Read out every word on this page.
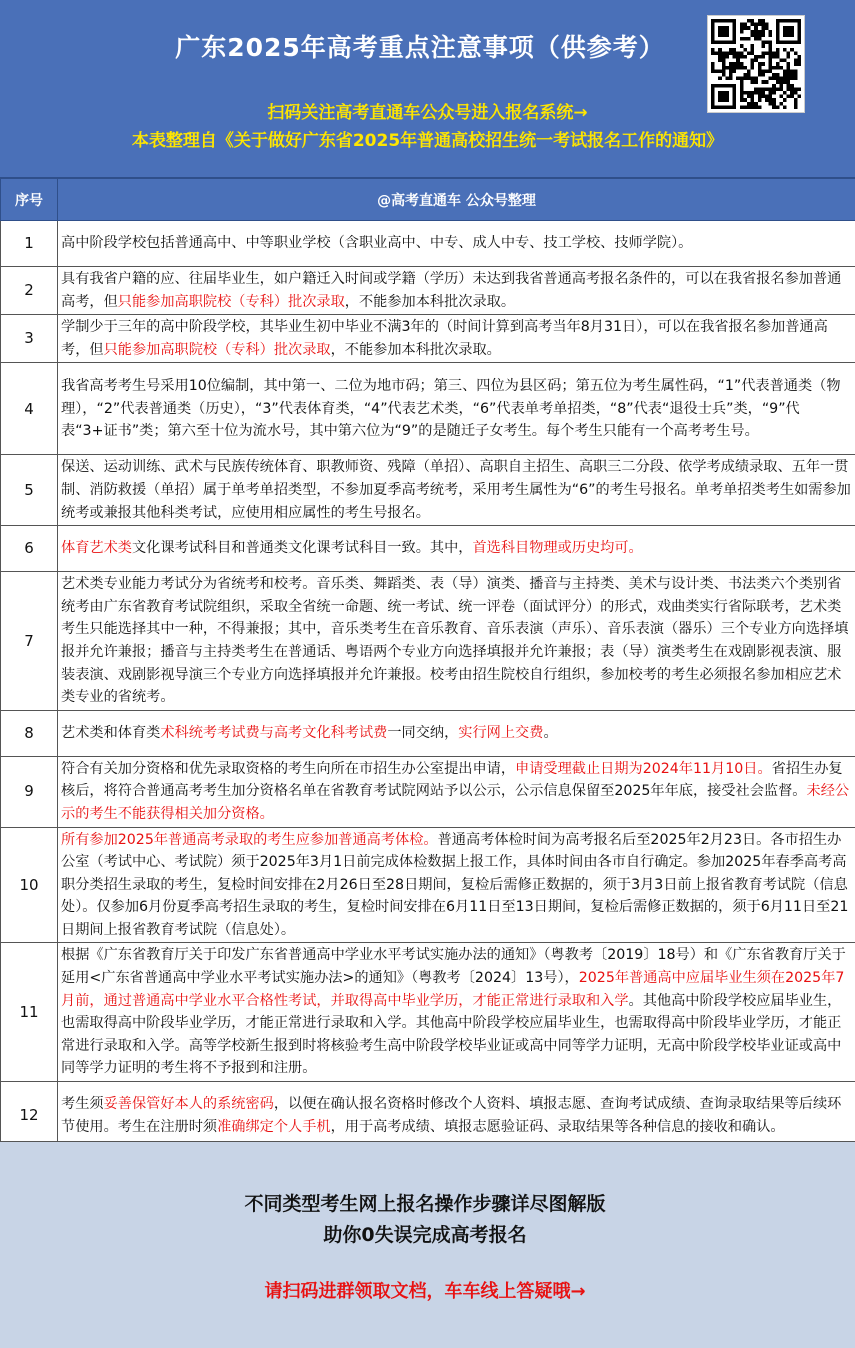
广东2025年高考重点注意事项（供参考）
扫码关注高考直通车公众号进入报名系统→
本表整理自《关于做好广东省2025年普通高校招生统一考试报名工作的通知》
序号	@高考直通车 公众号整理
1	高中阶段学校包括普通高中、中等职业学校（含职业高中、中专、成人中专、技工学校、技师学院）。
2	具有我省户籍的应、往届毕业生，如户籍迁入时间或学籍（学历）未达到我省普通高考报名条件的，可以在我省报名参加普通高考，但只能参加高职院校（专科）批次录取，不能参加本科批次录取。
3	学制少于三年的高中阶段学校，其毕业生初中毕业不满3年的（时间计算到高考当年8月31日），可以在我省报名参加普通高考，但只能参加高职院校（专科）批次录取，不能参加本科批次录取。
4	我省高考考生号采用10位编制，其中第一、二位为地市码；第三、四位为县区码；第五位为考生属性码，“1”代表普通类（物理），“2”代表普通类（历史），“3”代表体育类，“4”代表艺术类，“6”代表单考单招类，“8”代表“退役士兵”类，“9”代表“3+证书”类；第六至十位为流水号，其中第六位为“9”的是随迁子女考生。每个考生只能有一个高考考生号。
5	保送、运动训练、武术与民族传统体育、职教师资、残障（单招）、高职自主招生、高职三二分段、依学考成绩录取、五年一贯制、消防救援（单招）属于单考单招类型，不参加夏季高考统考，采用考生属性为“6”的考生号报名。单考单招类考生如需参加统考或兼报其他科类考试，应使用相应属性的考生号报名。
6	体育艺术类文化课考试科目和普通类文化课考试科目一致。其中，首选科目物理或历史均可。
7	艺术类专业能力考试分为省统考和校考。音乐类、舞蹈类、表（导）演类、播音与主持类、美术与设计类、书法类六个类别省统考由广东省教育考试院组织，采取全省统一命题、统一考试、统一评卷（面试评分）的形式，戏曲类实行省际联考，艺术类考生只能选择其中一种，不得兼报；其中，音乐类考生在音乐教育、音乐表演（声乐）、音乐表演（器乐）三个专业方向选择填报并允许兼报；播音与主持类考生在普通话、粤语两个专业方向选择填报并允许兼报；表（导）演类考生在戏剧影视表演、服装表演、戏剧影视导演三个专业方向选择填报并允许兼报。校考由招生院校自行组织，参加校考的考生必须报名参加相应艺术类专业的省统考。
8	艺术类和体育类术科统考考试费与高考文化科考试费一同交纳，实行网上交费。
9	符合有关加分资格和优先录取资格的考生向所在市招生办公室提出申请，申请受理截止日期为2024年11月10日。省招生办复核后，将符合普通高考考生加分资格名单在省教育考试院网站予以公示，公示信息保留至2025年年底，接受社会监督。未经公示的考生不能获得相关加分资格。
10	所有参加2025年普通高考录取的考生应参加普通高考体检。普通高考体检时间为高考报名后至2025年2月23日。各市招生办公室（考试中心、考试院）须于2025年3月1日前完成体检数据上报工作，具体时间由各市自行确定。参加2025年春季高考高职分类招生录取的考生，复检时间安排在2月26日至28日期间，复检后需修正数据的，须于3月3日前上报省教育考试院（信息处）。仅参加6月份夏季高考招生录取的考生，复检时间安排在6月11日至13日期间，复检后需修正数据的，须于6月11日至21日期间上报省教育考试院（信息处）。
11	根据《广东省教育厅关于印发广东省普通高中学业水平考试实施办法的通知》（粤教考〔2019〕18号）和《广东省教育厅关于延用<广东省普通高中学业水平考试实施办法>的通知》（粤教考〔2024〕13号），2025年普通高中应届毕业生须在2025年7月前，通过普通高中学业水平合格性考试，并取得高中毕业学历，才能正常进行录取和入学。其他高中阶段学校应届毕业生，也需取得高中阶段毕业学历，才能正常进行录取和入学。其他高中阶段学校应届毕业生，也需取得高中阶段毕业学历，才能正常进行录取和入学。高等学校新生报到时将核验考生高中阶段学校毕业证或高中同等学力证明，无高中阶段学校毕业证或高中同等学力证明的考生将不予报到和注册。
12	考生须妥善保管好本人的系统密码，以便在确认报名资格时修改个人资料、填报志愿、查询考试成绩、查询录取结果等后续环节使用。考生在注册时须准确绑定个人手机，用于高考成绩、填报志愿验证码、录取结果等各种信息的接收和确认。
不同类型考生网上报名操作步骤详尽图解版
助你0失误完成高考报名
请扫码进群领取文档，车车线上答疑哦→
